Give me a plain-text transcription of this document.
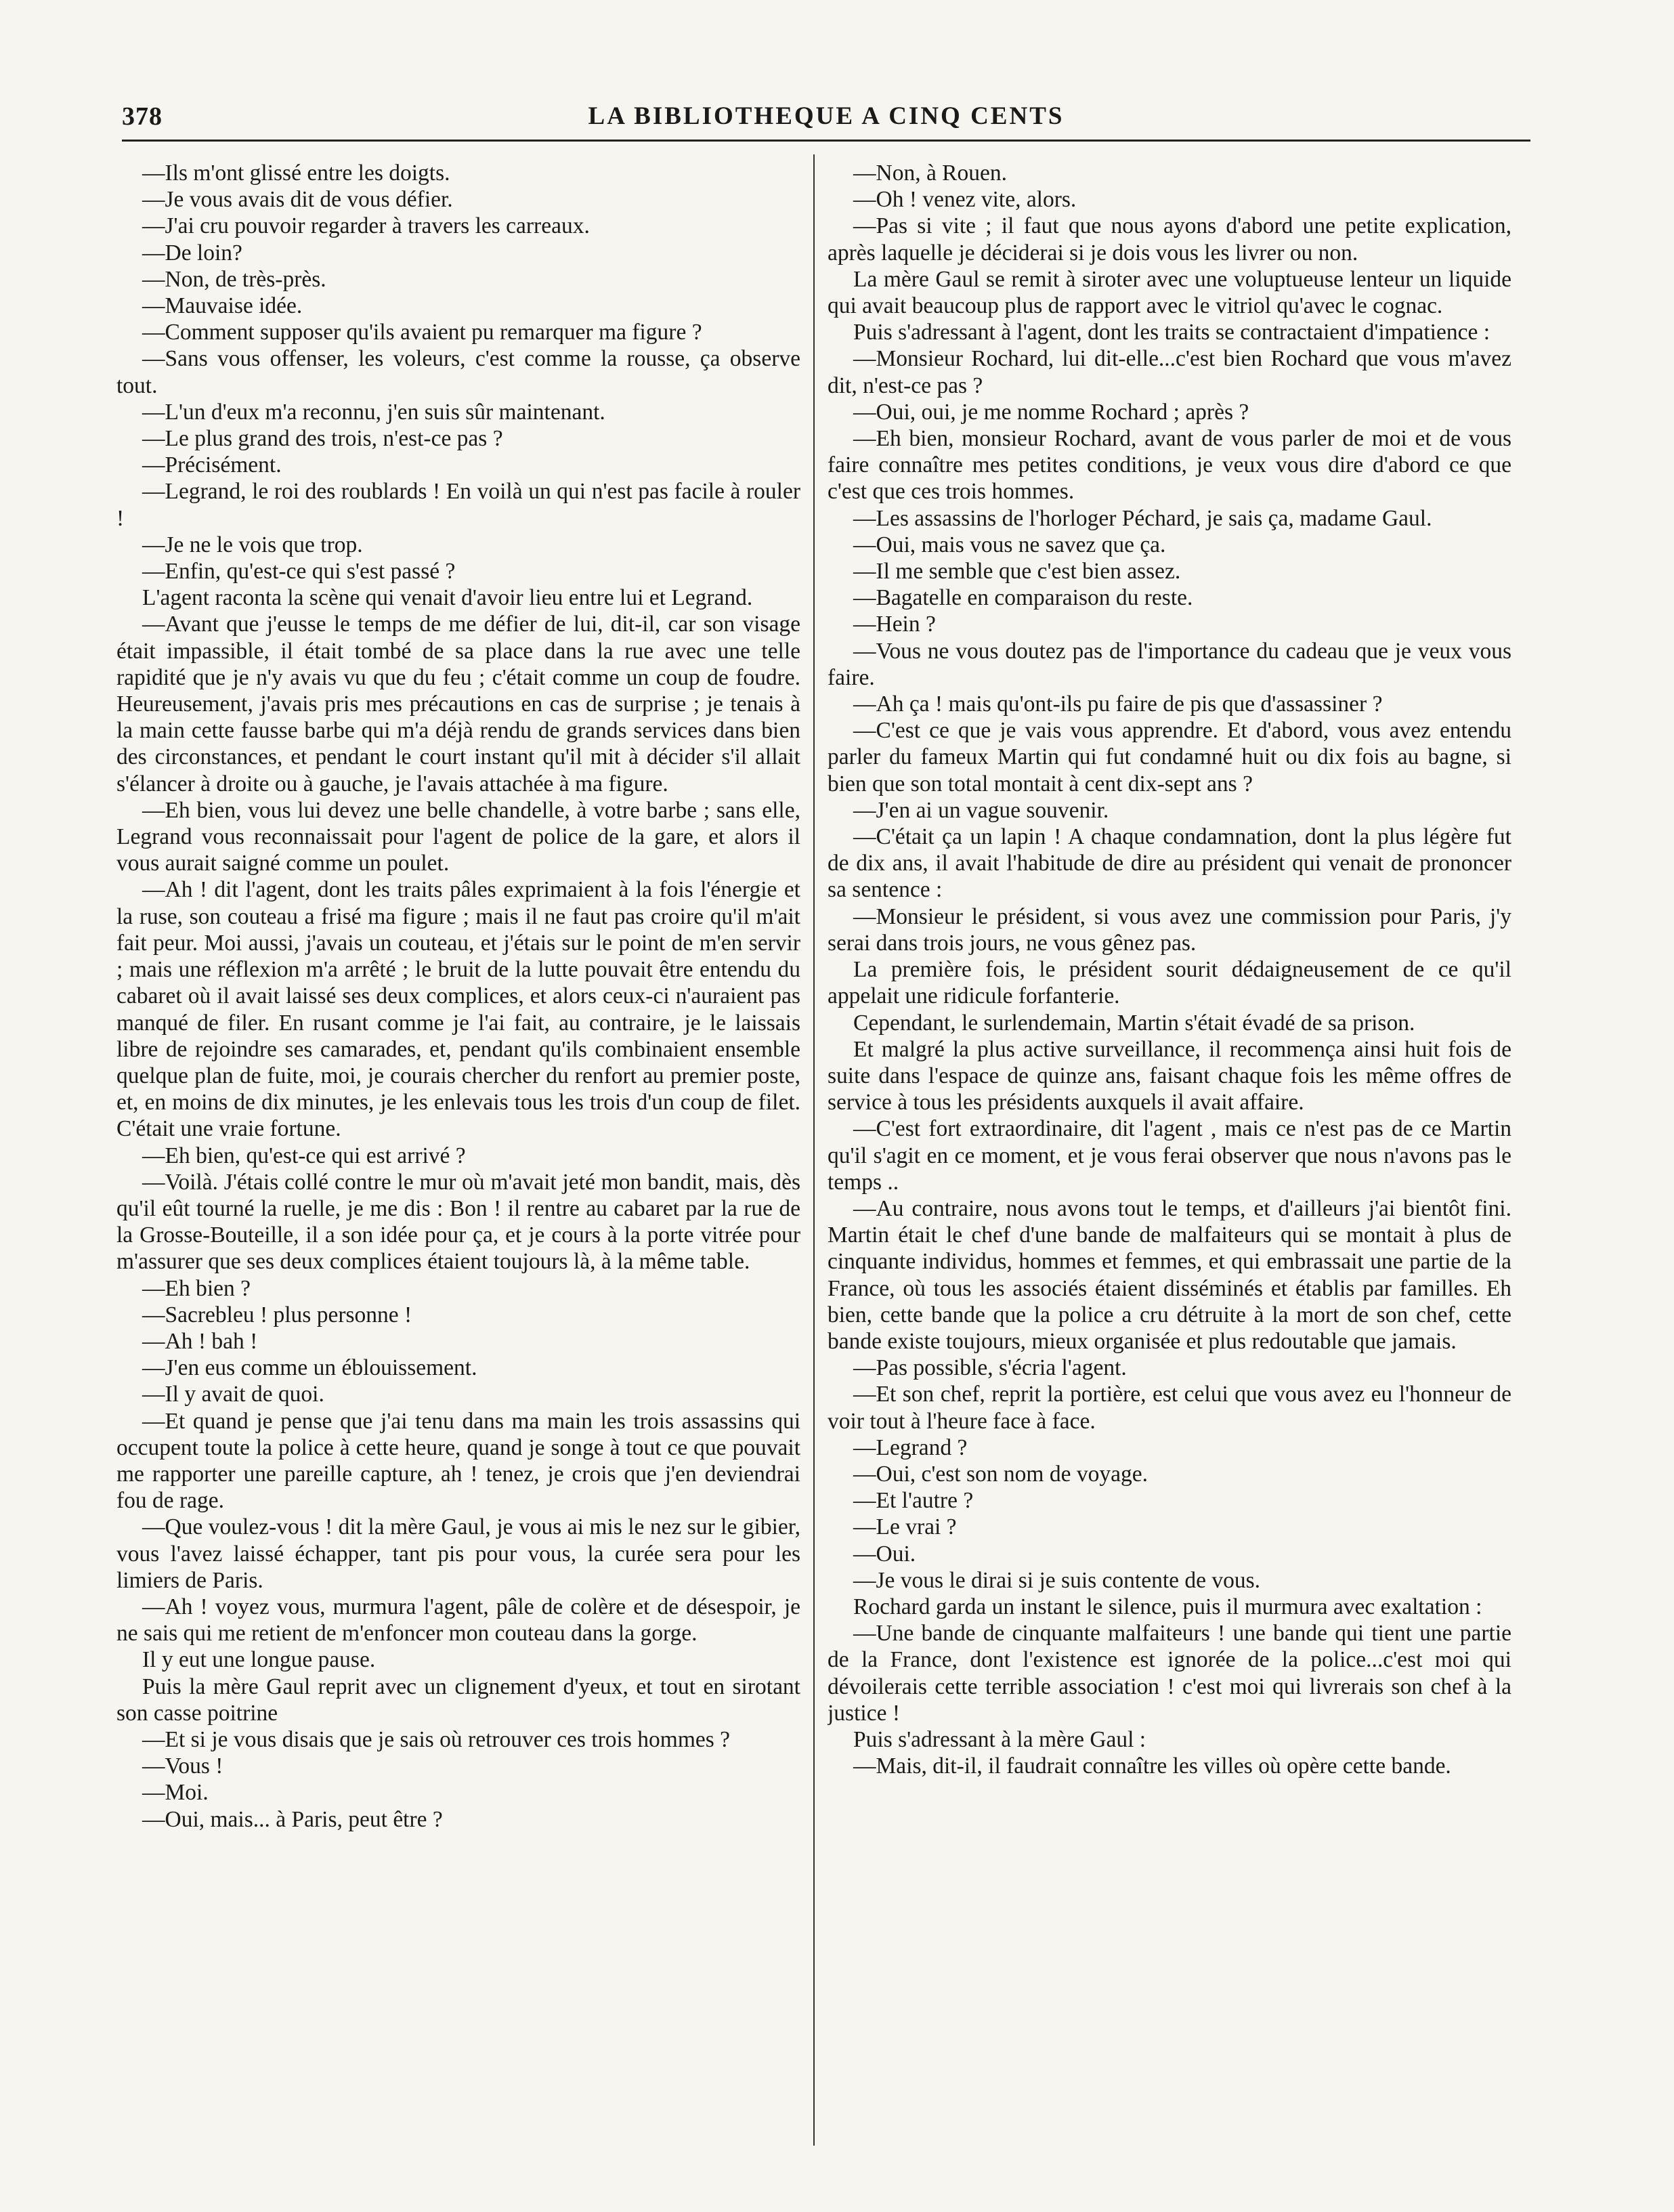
378	LA BIBLIOTHEQUE A CINQ CENTS

—Ils m'ont glissé entre les doigts.

—Je vous avais dit de vous défier.

—J'ai cru pouvoir regarder à travers les carreaux.

—De loin?

—Non, de très-près.

—Mauvaise idée.

—Comment supposer qu'ils avaient pu remarquer ma figure ?

—Sans vous offenser, les voleurs, c'est comme la rousse, ça observe tout.

—L'un d'eux m'a reconnu, j'en suis sûr maintenant.

—Le plus grand des trois, n'est-ce pas ?

—Précisément.

—Legrand, le roi des roublards ! En voilà un qui n'est pas facile à rouler !

—Je ne le vois que trop.

—Enfin, qu'est-ce qui s'est passé ?

L'agent raconta la scène qui venait d'avoir lieu entre lui et Legrand.

—Avant que j'eusse le temps de me défier de lui, dit-il, car son visage était impassible, il était tombé de sa place dans la rue avec une telle rapidité que je n'y avais vu que du feu ; c'était comme un coup de foudre. Heureusement, j'avais pris mes précautions en cas de surprise ; je tenais à la main cette fausse barbe qui m'a déjà rendu de grands services dans bien des circonstances, et pendant le court instant qu'il mit à décider s'il allait s'élancer à droite ou à gauche, je l'avais attachée à ma figure.

—Eh bien, vous lui devez une belle chandelle, à votre barbe ; sans elle, Legrand vous reconnaissait pour l'agent de police de la gare, et alors il vous aurait saigné comme un poulet.

—Ah ! dit l'agent, dont les traits pâles exprimaient à la fois l'énergie et la ruse, son couteau a frisé ma figure ; mais il ne faut pas croire qu'il m'ait fait peur. Moi aussi, j'avais un couteau, et j'étais sur le point de m'en servir ; mais une réflexion m'a arrêté ; le bruit de la lutte pouvait être entendu du cabaret où il avait laissé ses deux complices, et alors ceux-ci n'auraient pas manqué de filer. En rusant comme je l'ai fait, au contraire, je le laissais libre de rejoindre ses camarades, et, pendant qu'ils combinaient ensemble quelque plan de fuite, moi, je courais chercher du renfort au premier poste, et, en moins de dix minutes, je les enlevais tous les trois d'un coup de filet. C'était une vraie fortune.

—Eh bien, qu'est-ce qui est arrivé ?

—Voilà. J'étais collé contre le mur où m'avait jeté mon bandit, mais, dès qu'il eût tourné la ruelle, je me dis : Bon ! il rentre au cabaret par la rue de la Grosse-Bouteille, il a son idée pour ça, et je cours à la porte vitrée pour m'assurer que ses deux complices étaient toujours là, à la même table.

—Eh bien ?

—Sacrebleu ! plus personne !

—Ah ! bah !

—J'en eus comme un éblouissement.

—Il y avait de quoi.

—Et quand je pense que j'ai tenu dans ma main les trois assassins qui occupent toute la police à cette heure, quand je songe à tout ce que pouvait me rapporter une pareille capture, ah ! tenez, je crois que j'en deviendrai fou de rage.

—Que voulez-vous ! dit la mère Gaul, je vous ai mis le nez sur le gibier, vous l'avez laissé échapper, tant pis pour vous, la curée sera pour les limiers de Paris.

—Ah ! voyez vous, murmura l'agent, pâle de colère et de désespoir, je ne sais qui me retient de m'enfoncer mon couteau dans la gorge.

Il y eut une longue pause.

Puis la mère Gaul reprit avec un clignement d'yeux, et tout en sirotant son casse poitrine

—Et si je vous disais que je sais où retrouver ces trois hommes ?

—Vous !

—Moi.

—Oui, mais... à Paris, peut être ?

—Non, à Rouen.

—Oh ! venez vite, alors.

—Pas si vite ; il faut que nous ayons d'abord une petite explication, après laquelle je déciderai si je dois vous les livrer ou non.

La mère Gaul se remit à siroter avec une voluptueuse lenteur un liquide qui avait beaucoup plus de rapport avec le vitriol qu'avec le cognac.

Puis s'adressant à l'agent, dont les traits se contractaient d'impatience :

—Monsieur Rochard, lui dit-elle...c'est bien Rochard que vous m'avez dit, n'est-ce pas ?

—Oui, oui, je me nomme Rochard ; après ?

—Eh bien, monsieur Rochard, avant de vous parler de moi et de vous faire connaître mes petites conditions, je veux vous dire d'abord ce que c'est que ces trois hommes.

—Les assassins de l'horloger Péchard, je sais ça, madame Gaul.

—Oui, mais vous ne savez que ça.

—Il me semble que c'est bien assez.

—Bagatelle en comparaison du reste.

—Hein ?

—Vous ne vous doutez pas de l'importance du cadeau que je veux vous faire.

—Ah ça ! mais qu'ont-ils pu faire de pis que d'assassiner ?

—C'est ce que je vais vous apprendre. Et d'abord, vous avez entendu parler du fameux Martin qui fut condamné huit ou dix fois au bagne, si bien que son total montait à cent dix-sept ans ?

—J'en ai un vague souvenir.

—C'était ça un lapin ! A chaque condamnation, dont la plus légère fut de dix ans, il avait l'habitude de dire au président qui venait de prononcer sa sentence :

—Monsieur le président, si vous avez une commission pour Paris, j'y serai dans trois jours, ne vous gênez pas.

La première fois, le président sourit dédaigneusement de ce qu'il appelait une ridicule forfanterie.

Cependant, le surlendemain, Martin s'était évadé de sa prison.

Et malgré la plus active surveillance, il recommença ainsi huit fois de suite dans l'espace de quinze ans, faisant chaque fois les même offres de service à tous les présidents auxquels il avait affaire.

—C'est fort extraordinaire, dit l'agent , mais ce n'est pas de ce Martin qu'il s'agit en ce moment, et je vous ferai observer que nous n'avons pas le temps ..

—Au contraire, nous avons tout le temps, et d'ailleurs j'ai bientôt fini. Martin était le chef d'une bande de malfaiteurs qui se montait à plus de cinquante individus, hommes et femmes, et qui embrassait une partie de la France, où tous les associés étaient disséminés et établis par familles. Eh bien, cette bande que la police a cru détruite à la mort de son chef, cette bande existe toujours, mieux organisée et plus redoutable que jamais.

—Pas possible, s'écria l'agent.

—Et son chef, reprit la portière, est celui que vous avez eu l'honneur de voir tout à l'heure face à face.

—Legrand ?

—Oui, c'est son nom de voyage.

—Et l'autre ?

—Le vrai ?

—Oui.

—Je vous le dirai si je suis contente de vous.

Rochard garda un instant le silence, puis il murmura avec exaltation :

—Une bande de cinquante malfaiteurs ! une bande qui tient une partie de la France, dont l'existence est ignorée de la police...c'est moi qui dévoilerais cette terrible association ! c'est moi qui livrerais son chef à la justice !

Puis s'adressant à la mère Gaul :

—Mais, dit-il, il faudrait connaître les villes où opère cette bande.
